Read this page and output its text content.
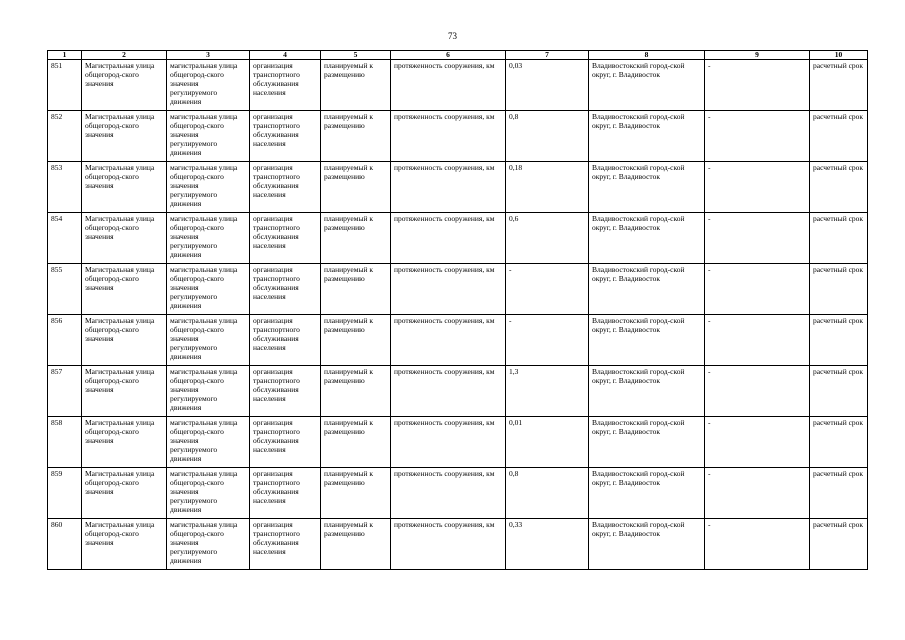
73
1	2	3	4	5	6	7	8	9	10
851	Магистральная улица общегород-ского значения	магистральная улица общегород-ского значения регулируемого движения	организация транспортного обслуживания населения	планируемый к размещению	протяженность сооружения, км	0,03	Владивостокский город-ской округ, г. Владивосток	-	расчетный срок
852	Магистральная улица общегород-ского значения	магистральная улица общегород-ского значения регулируемого движения	организация транспортного обслуживания населения	планируемый к размещению	протяженность сооружения, км	0,8	Владивостокский город-ской округ, г. Владивосток	-	расчетный срок
853	Магистральная улица общегород-ского значения	магистральная улица общегород-ского значения регулируемого движения	организация транспортного обслуживания населения	планируемый к размещению	протяженность сооружения, км	0,18	Владивостокский город-ской округ, г. Владивосток	-	расчетный срок
854	Магистральная улица общегород-ского значения	магистральная улица общегород-ского значения регулируемого движения	организация транспортного обслуживания населения	планируемый к размещению	протяженность сооружения, км	0,6	Владивостокский город-ской округ, г. Владивосток	-	расчетный срок
855	Магистральная улица общегород-ского значения	магистральная улица общегород-ского значения регулируемого движения	организация транспортного обслуживания населения	планируемый к размещению	протяженность сооружения, км	-	Владивостокский город-ской округ, г. Владивосток	-	расчетный срок
856	Магистральная улица общегород-ского значения	магистральная улица общегород-ского значения регулируемого движения	организация транспортного обслуживания населения	планируемый к размещению	протяженность сооружения, км	-	Владивостокский город-ской округ, г. Владивосток	-	расчетный срок
857	Магистральная улица общегород-ского значения	магистральная улица общегород-ского значения регулируемого движения	организация транспортного обслуживания населения	планируемый к размещению	протяженность сооружения, км	1,3	Владивостокский город-ской округ, г. Владивосток	-	расчетный срок
858	Магистральная улица общегород-ского значения	магистральная улица общегород-ского значения регулируемого движения	организация транспортного обслуживания населения	планируемый к размещению	протяженность сооружения, км	0,01	Владивостокский город-ской округ, г. Владивосток	-	расчетный срок
859	Магистральная улица общегород-ского значения	магистральная улица общегород-ского значения регулируемого движения	организация транспортного обслуживания населения	планируемый к размещению	протяженность сооружения, км	0,8	Владивостокский город-ской округ, г. Владивосток	-	расчетный срок
860	Магистральная улица общегород-ского значения	магистральная улица общегород-ского значения регулируемого движения	организация транспортного обслуживания населения	планируемый к размещению	протяженность сооружения, км	0,33	Владивостокский город-ской округ, г. Владивосток	-	расчетный срок
